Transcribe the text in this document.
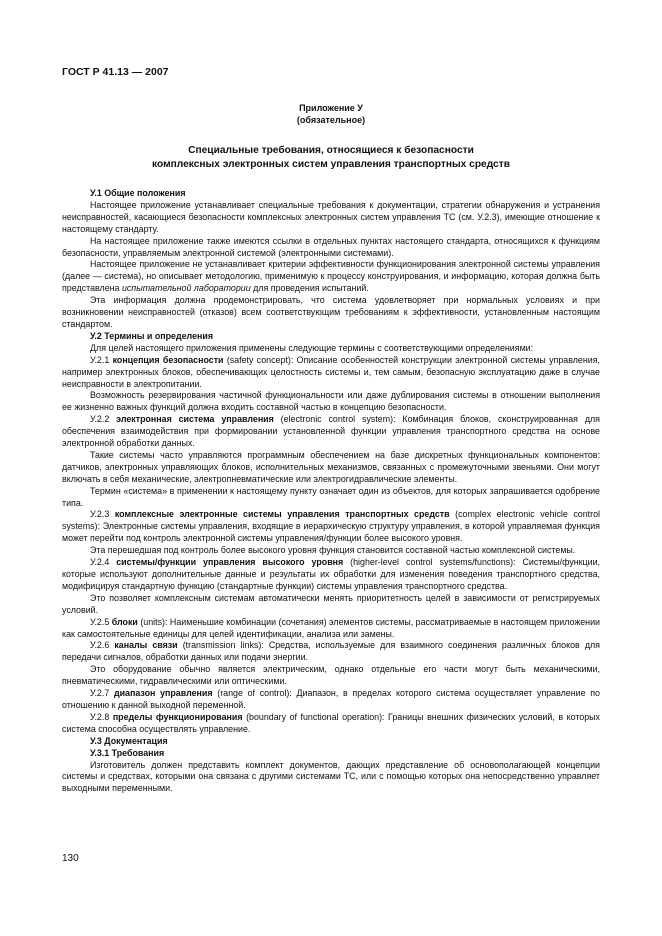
ГОСТ Р 41.13 — 2007
Приложение У
(обязательное)
Специальные требования, относящиеся к безопасности
комплексных электронных систем управления транспортных средств

У.1 Общие положения

Настоящее приложение устанавливает специальные требования к документации, стратегии обнаружения и устранения неисправностей, касающиеся безопасности комплексных электронных систем управления ТС (см. У.2.3), имеющие отношение к настоящему стандарту.

На настоящее приложение также имеются ссылки в отдельных пунктах настоящего стандарта, относящихся к функциям безопасности, управляемым электронной системой (электронными системами).

Настоящее приложение не устанавливает критерии эффективности функционирования электронной системы управления (далее — система), но описывает методологию, применимую к процессу конструирования, и информацию, которая должна быть представлена испытательной лаборатории для проведения испытаний.

Эта информация должна продемонстрировать, что система удовлетворяет при нормальных условиях и при возникновении неисправностей (отказов) всем соответствующим требованиям к эффективности, установленным настоящим стандартом.

У.2 Термины и определения

Для целей настоящего приложения применены следующие термины с соответствующими определениями:

У.2.1 концепция безопасности (safety concept): Описание особенностей конструкции электронной системы управления, например электронных блоков, обеспечивающих целостность системы и, тем самым, безопасную эксплуатацию даже в случае неисправности в электропитании.

Возможность резервирования частичной функциональности или даже дублирования системы в отношении выполнения ее жизненно важных функций должна входить составной частью в концепцию безопасности.

У.2.2 электронная система управления (electronic control system): Комбинация блоков, сконструированная для обеспечения взаимодействия при формировании установленной функции управления транспортного средства на основе электронной обработки данных.

Такие системы часто управляются программным обеспечением на базе дискретных функциональных компонентов: датчиков, электронных управляющих блоков, исполнительных механизмов, связанных с промежуточными звеньями. Они могут включать в себя механические, электропневматические или электрогидравлические элементы.

Термин «система» в применении к настоящему пункту означает один из объектов, для которых запрашивается одобрение типа.

У.2.3 комплексные электронные системы управления транспортных средств (complex electronic vehicle control systems): Электронные системы управления, входящие в иерархическую структуру управления, в которой управляемая функция может перейти под контроль электронной системы управления/функции более высокого уровня.

Эта перешедшая под контроль более высокого уровня функция становится составной частью комплексной системы.

У.2.4 системы/функции управления высокого уровня (higher-level control systems/functions): Системы/функции, которые используют дополнительные данные и результаты их обработки для изменения поведения транспортного средства, модифицируя стандартную функцию (стандартные функции) системы управления транспортного средства.

Это позволяет комплексным системам автоматически менять приоритетность целей в зависимости от регистрируемых условий.

У.2.5 блоки (units): Наименьшие комбинации (сочетания) элементов системы, рассматриваемые в настоящем приложении как самостоятельные единицы для целей идентификации, анализа или замены.

У.2.6 каналы связи (transmission links): Средства, используемые для взаимного соединения различных блоков для передачи сигналов, обработки данных или подачи энергии.

Это оборудование обычно является электрическим, однако отдельные его части могут быть механическими, пневматическими, гидравлическими или оптическими.

У.2.7 диапазон управления (range of control): Диапазон, в пределах которого система осуществляет управление по отношению к данной выходной переменной.

У.2.8 пределы функционирования (boundary of functional operation): Границы внешних физических условий, в которых система способна осуществлять управление.

У.3 Документация

У.3.1 Требования

Изготовитель должен представить комплект документов, дающих представление об основополагающей концепции системы и средствах, которыми она связана с другими системами ТС, или с помощью которых она непосредственно управляет выходными переменными.

130
